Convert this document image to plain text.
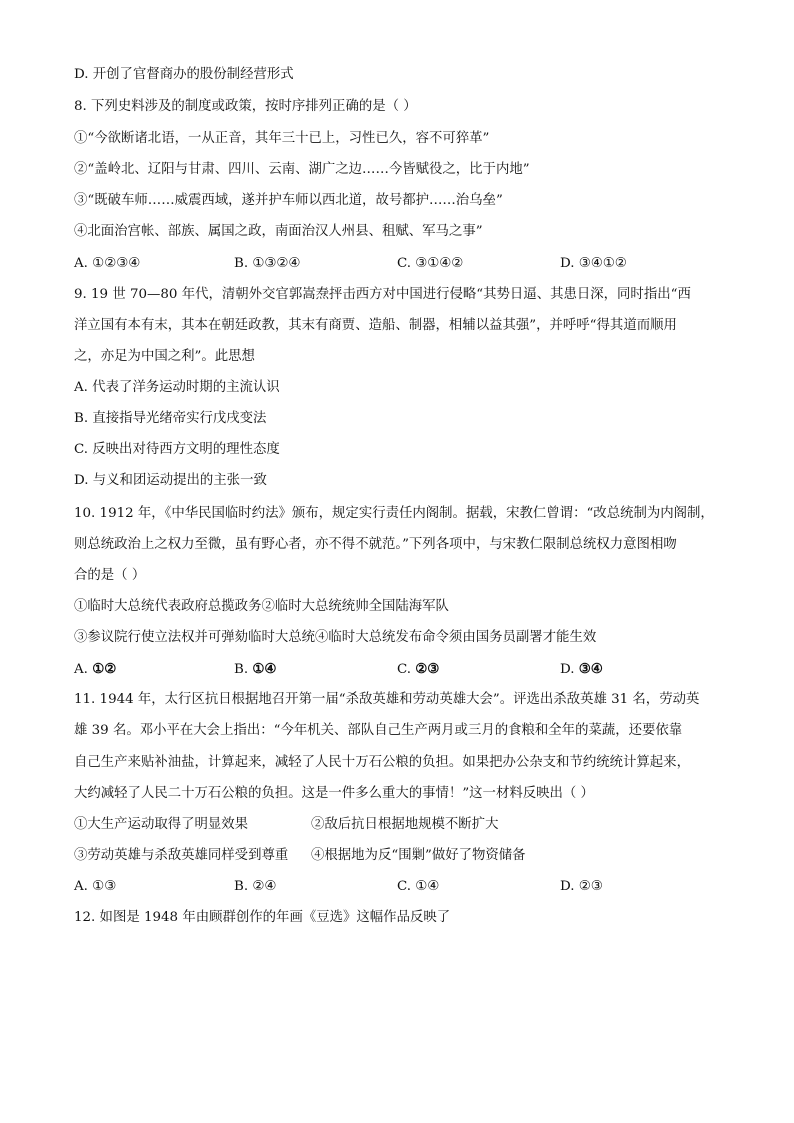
D. 开创了官督商办的股份制经营形式
8. 下列史料涉及的制度或政策，按时序排列正确的是（ ）
①“今欲断诸北语，一从正音，其年三十已上，习性已久，容不可猝革”
②“盖岭北、辽阳与甘肃、四川、云南、湖广之边……今皆赋役之，比于内地”
③“既破车师……威震西域，遂并护车师以西北道，故号都护……治乌垒”
④北面治宫帐、部族、属国之政，南面治汉人州县、租赋、军马之事”
A. ①②③④	B. ①③②④	C. ③①④②	D. ③④①②
9. 19 世 70—80 年代，清朝外交官郭嵩焘抨击西方对中国进行侵略“其势日逼、其患日深，同时指出“西
洋立国有本有末，其本在朝廷政教，其末有商贾、造船、制器，相辅以益其强”，并呼呼“得其道而顺用
之，亦足为中国之利”。此思想
A. 代表了洋务运动时期的主流认识
B. 直接指导光绪帝实行戊戌变法
C. 反映出对待西方文明的理性态度
D. 与义和团运动提出的主张一致
10. 1912 年，《中华民国临时约法》颁布，规定实行责任内阁制。据载，宋教仁曾谓：“改总统制为内阁制，
则总统政治上之权力至微，虽有野心者，亦不得不就范。”下列各项中，与宋教仁限制总统权力意图相吻
合的是（ ）
①临时大总统代表政府总揽政务②临时大总统统帅全国陆海军队
③参议院行使立法权并可弹劾临时大总统④临时大总统发布命令须由国务员副署才能生效
A. ①②	B. ①④	C. ②③	D. ③④
11. 1944 年，太行区抗日根据地召开第一届“杀敌英雄和劳动英雄大会”。评选出杀敌英雄 31 名，劳动英
雄 39 名。邓小平在大会上指出：“今年机关、部队自己生产两月或三月的食粮和全年的菜蔬，还要依靠
自己生产来贴补油盐，计算起来，减轻了人民十万石公粮的负担。如果把办公杂支和节约统统计算起来，
大约减轻了人民二十万石公粮的负担。这是一件多么重大的事情！”这一材料反映出（ ）
①大生产运动取得了明显效果	②敌后抗日根据地规模不断扩大
③劳动英雄与杀敌英雄同样受到尊重 ④根据地为反“围剿”做好了物资储备
A. ①③	B. ②④	C. ①④	D. ②③
12. 如图是 1948 年由顾群创作的年画《豆选》这幅作品反映了
